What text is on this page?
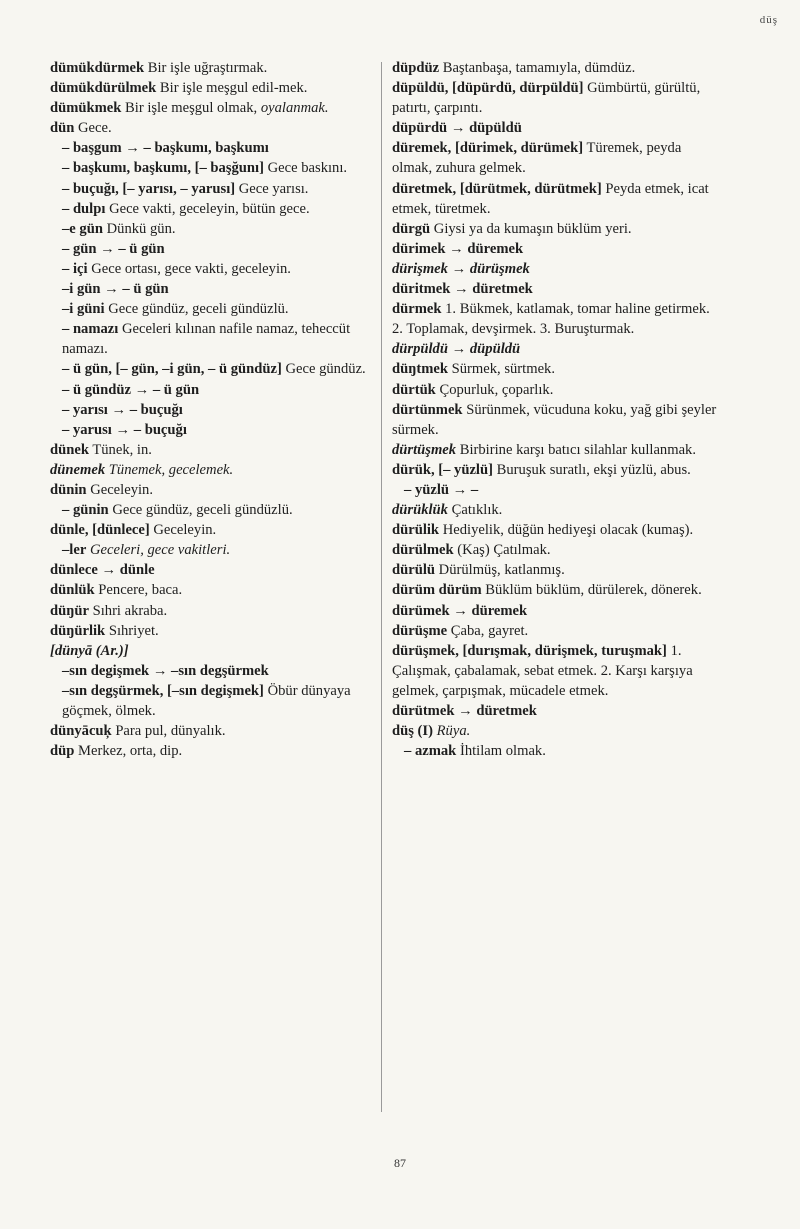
düş

dümükdürmek Bir işle uğraştırmak.

dümükdürülmek Bir işle meşgul edil-mek.

dümükmek Bir işle meşgul olmak, oyalanmak.

dün Gece.

– başgum → – başkumı, başkumı

– başkumı, başkumı, [– başğunı] Gece baskını.

– buçuğı, [– yarısı, – yarusı] Gece yarısı.

– dulpı Gece vakti, geceleyin, bütün gece.

–e gün Dünkü gün.

– gün → – ü gün

– içi Gece ortası, gece vakti, geceleyin.

–i gün → – ü gün

–i güni Gece gündüz, geceli gündüzlü.

– namazı Geceleri kılınan nafile namaz, teheccüt namazı.

– ü gün, [– gün, –i gün, – ü gündüz] Gece gündüz.

– ü gündüz → – ü gün

– yarısı → – buçuğı

– yarusı → – buçuğı

dünek Tünek, in.

dünemek Tünemek, gecelemek.

dünin Geceleyin.

– günin Gece gündüz, geceli gündüzlü.

dünle, [dünlece] Geceleyin.

–ler Geceleri, gece vakitleri.

dünlece → dünle

dünlük Pencere, baca.

düŋür Sıhri akraba.

düŋürlik Sıhriyet.

[dünyā (Ar.)]

–sın degişmek → –sın degşürmek

–sın degşürmek, [–sın degişmek] Öbür dünyaya göçmek, ölmek.

dünyācuķ Para pul, dünyalık.

düp Merkez, orta, dip.

düpdüz Baştanbaşa, tamamıyla, dümdüz.

düpüldü, [düpürdü, dürpüldü] Gümbürtü, gürültü, patırtı, çarpıntı.

düpürdü → düpüldü

düremek, [dürimek, dürümek] Türemek, peyda olmak, zuhura gelmek.

düretmek, [dürütmek, dürütmek] Peyda etmek, icat etmek, türetmek.

dürgü Giysi ya da kumaşın büklüm yeri.

dürimek → düremek

dürişmek → dürüşmek

düritmek → düretmek

dürmek 1. Bükmek, katlamak, tomar haline getirmek. 2. Toplamak, devşirmek. 3. Buruşturmak.

dürpüldü → düpüldü

düŋtmek Sürmek, sürtmek.

dürtük Çopurluk, çoparlık.

dürtünmek Sürünmek, vücuduna koku, yağ gibi şeyler sürmek.

dürtüşmek Birbirine karşı batıcı silahlar kullanmak.

dürük, [– yüzlü] Buruşuk suratlı, ekşi yüzlü, abus.

– yüzlü → –

dürüklük Çatıklık.

dürülik Hediyelik, düğün hediyeşi olacak (kumaş).

dürülmek (Kaş) Çatılmak.

dürülü Dürülmüş, katlanmış.

dürüm dürüm Büklüm büklüm, dürülerek, dönerek.

dürümek → düremek

dürüşme Çaba, gayret.

dürüşmek, [durışmak, dürişmek, turuşmak] 1. Çalışmak, çabalamak, sebat etmek. 2. Karşı karşıya gelmek, çarpışmak, mücadele etmek.

dürütmek → düretmek

düş (I) Rüya.

– azmak İhtilam olmak.

87
